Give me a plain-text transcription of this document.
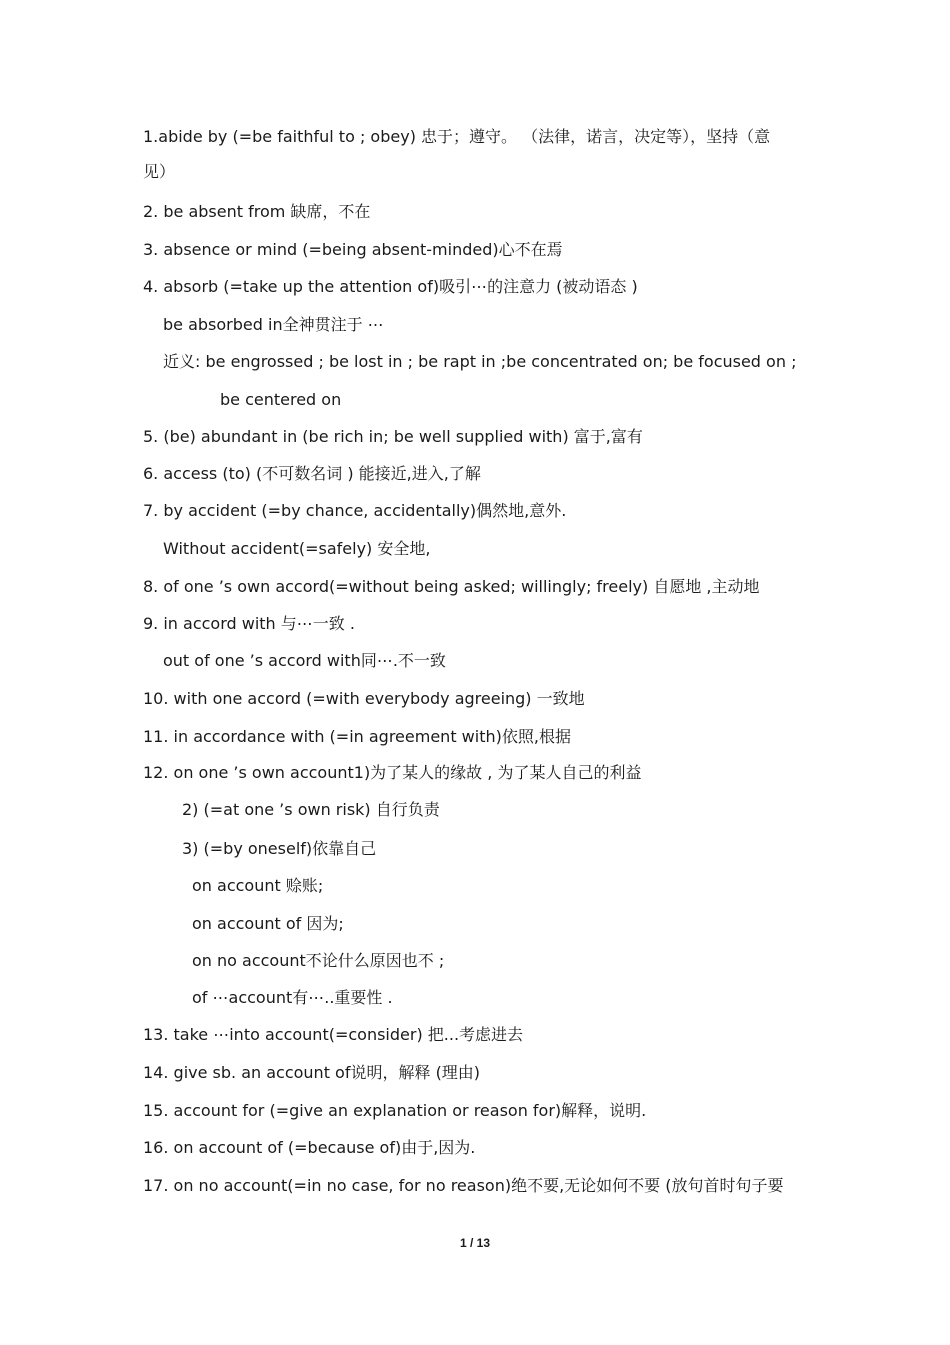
1.abide by (=be faithful to ; obey) 忠于；遵守。 （法律，诺言，决定等），坚持（意
见）
2. be absent from 缺席，不在
3. absence or mind (=being absent-minded)心不在焉
4. absorb (=take up the attention of)吸引⋯的注意力 (被动语态 )
be absorbed in全神贯注于 ⋯
近义: be engrossed ; be lost in ; be rapt in ;be concentrated on; be focused on ;
be centered on
5. (be) abundant in (be rich in; be well supplied with) 富于,富有
6. access (to) (不可数名词 ) 能接近,进入,了解
7. by accident (=by chance, accidentally)偶然地,意外.
Without accident(=safely) 安全地,
8. of one ’s own accord(=without being asked; willingly; freely) 自愿地 ,主动地
9. in accord with 与⋯一致 .
out of one ’s accord with同⋯.不一致
10. with one accord (=with everybody agreeing) 一致地
11. in accordance with (=in agreement with)依照,根据
12. on one ’s own account1)为了某人的缘故 , 为了某人自己的利益
2) (=at one ’s own risk) 自行负责
3) (=by oneself)依靠自己
on account 赊账;
on account of 因为;
on no account不论什么原因也不 ;
of ⋯account有⋯..重要性 .
13. take ⋯into account(=consider) 把...考虑进去
14. give sb. an account of说明，解释 (理由)
15. account for (=give an explanation or reason for)解释，说明.
16. on account of (=because of)由于,因为.
17. on no account(=in no case, for no reason)绝不要,无论如何不要 (放句首时句子要
1 / 13
